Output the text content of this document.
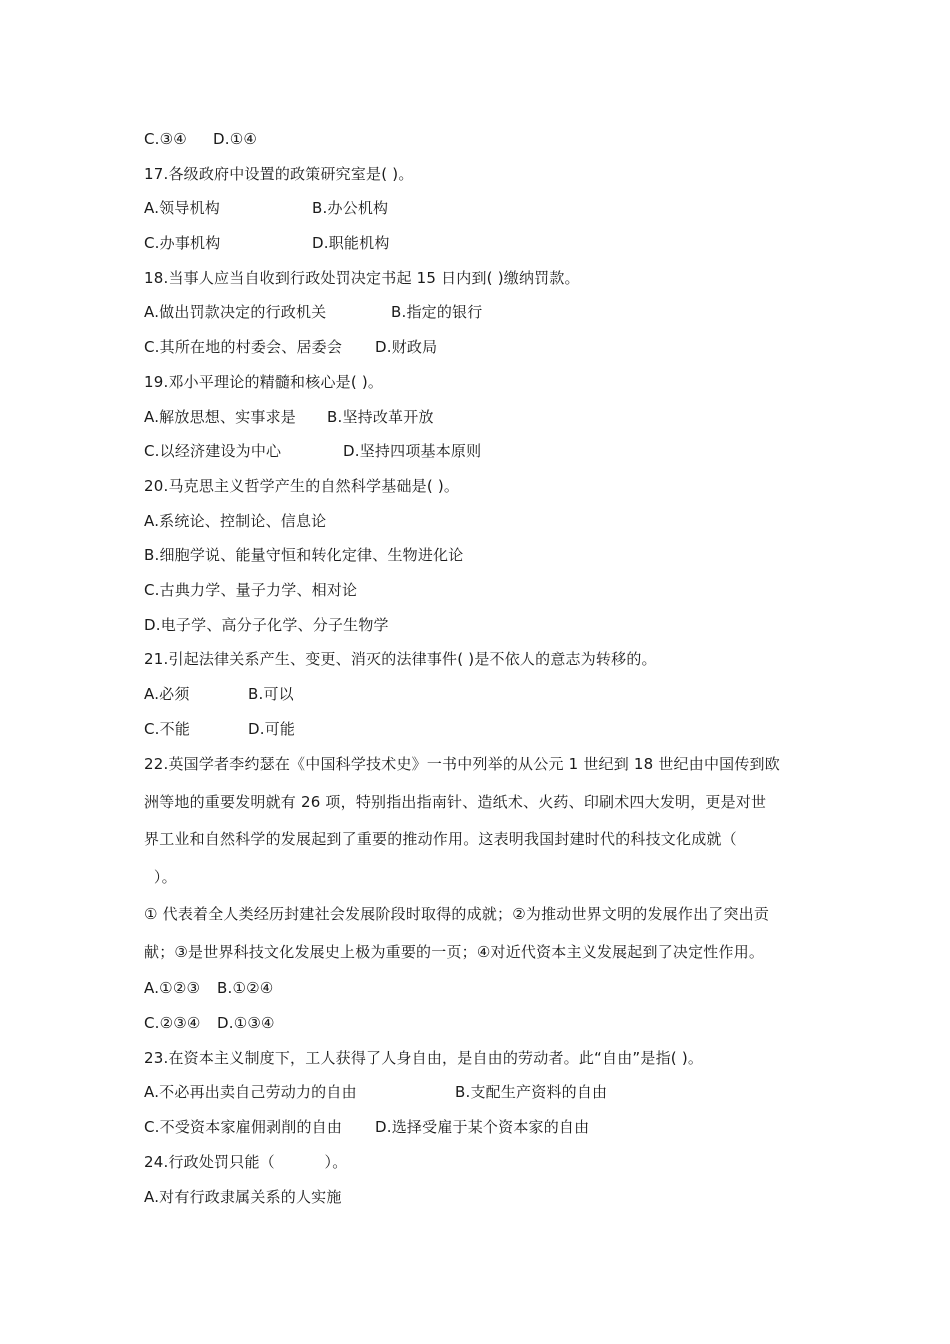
C.③④ D.①④
17.各级政府中设置的政策研究室是( )。
A.领导机构	B.办公机构
C.办事机构	D.职能机构
18.当事人应当自收到行政处罚决定书起 15 日内到( )缴纳罚款。
A.做出罚款决定的行政机关	B.指定的银行
C.其所在地的村委会、居委会 D.财政局
19.邓小平理论的精髓和核心是( )。
A.解放思想、实事求是 B.坚持改革开放
C.以经济建设为中心	D.坚持四项基本原则
20.马克思主义哲学产生的自然科学基础是( )。
A.系统论、控制论、信息论
B.细胞学说、能量守恒和转化定律、生物进化论
C.古典力学、量子力学、相对论
D.电子学、高分子化学、分子生物学
21.引起法律关系产生、变更、消灭的法律事件( )是不依人的意志为转移的。
A.必须	B.可以
C.不能	D.可能
22.英国学者李约瑟在《中国科学技术史》一书中列举的从公元 1 世纪到 18 世纪由中国传到欧
洲等地的重要发明就有 26 项，特别指出指南针、造纸术、火药、印刷术四大发明，更是对世
界工业和自然科学的发展起到了重要的推动作用。这表明我国封建时代的科技文化成就（
）。
① 代表着全人类经历封建社会发展阶段时取得的成就；②为推动世界文明的发展作出了突出贡
献；③是世界科技文化发展史上极为重要的一页；④对近代资本主义发展起到了决定性作用。
A.①②③ B.①②④
C.②③④ D.①③④
23.在资本主义制度下，工人获得了人身自由，是自由的劳动者。此“自由”是指( )。
A.不必再出卖自己劳动力的自由	B.支配生产资料的自由
C.不受资本家雇佣剥削的自由 D.选择受雇于某个资本家的自由
24.行政处罚只能（          ）。
A.对有行政隶属关系的人实施
